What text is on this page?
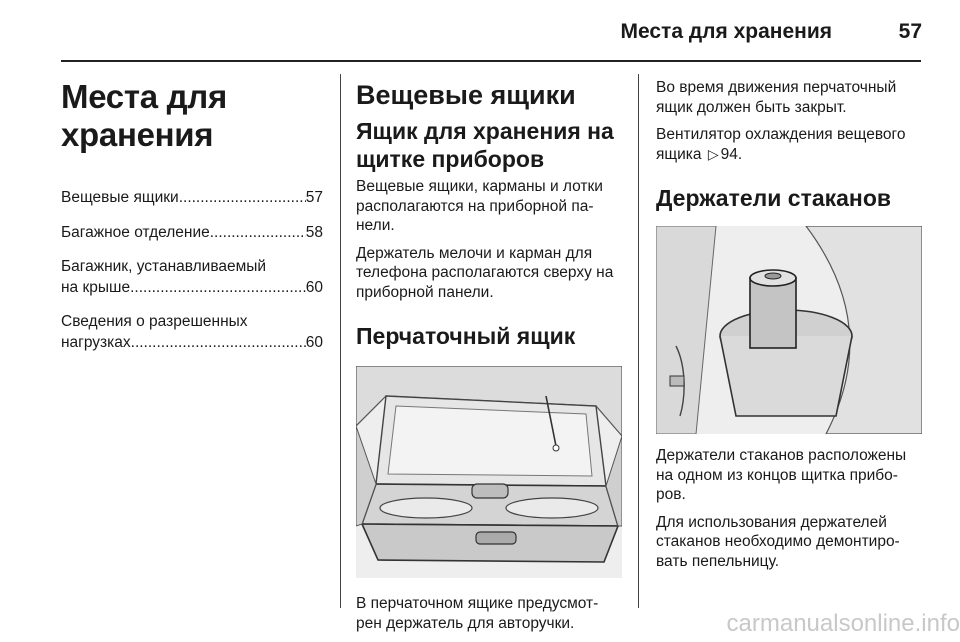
Места для хранения	57
Места для хранения
Вещевые ящики .....	57
Багажное отделение .....	58
Багажник, устанавливаемый
на крыше .....	60
Сведения о разрешенных
нагрузках .....	60
Вещевые ящики
Ящик для хранения на щитке приборов

Вещевые ящики, карманы и лотки располагаются на приборной па-нели.

Держатель мелочи и карман для телефона располагаются сверху на приборной панели.

Перчаточный ящик

В перчаточном ящике предусмот-рен держатель для авторучки.

Во время движения перчаточный ящик должен быть закрыт.

Вентилятор охлаждения вещевого ящика ▷ 94.

Держатели стаканов

Держатели стаканов расположены на одном из концов щитка прибо-ров.

Для использования держателей стаканов необходимо демонтиро-вать пепельницу.

carmanualsonline.info
